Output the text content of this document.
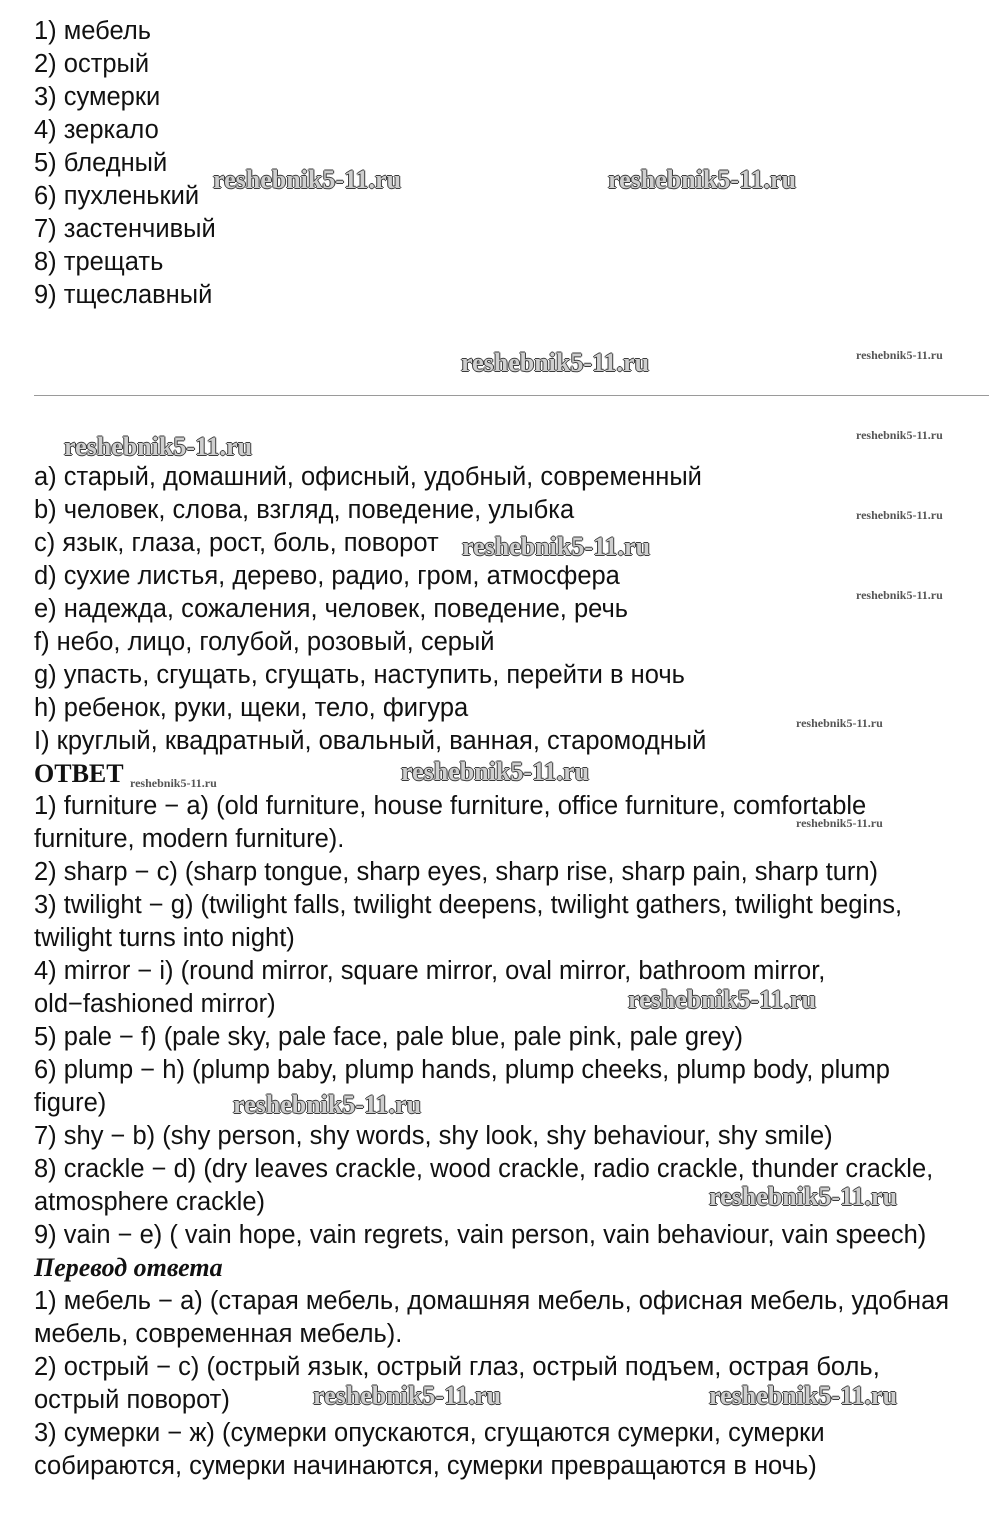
1) мебель
2) острый
3) сумерки
4) зеркало
5) бледный
6) пухленький
7) застенчивый
8) трещать
9) тщеславный
a) старый, домашний, офисный, удобный, современный
b) человек, слова, взгляд, поведение, улыбка
c) язык, глаза, рост, боль, поворот
d) сухие листья, дерево, радио, гром, атмосфера
e) надежда, сожаления, человек, поведение, речь
f) небо, лицо, голубой, розовый, серый
g) упасть, сгущать, сгущать, наступить, перейти в ночь
h) ребенок, руки, щеки, тело, фигура
I) круглый, квадратный, овальный, ванная, старомодный
ОТВЕТ
1) furniture − a) (old furniture, house furniture, office furniture, comfortable
furniture, modern furniture).
2) sharp − c) (sharp tongue, sharp eyes, sharp rise, sharp pain, sharp turn)
3) twilight − g) (twilight falls, twilight deepens, twilight gathers, twilight begins,
twilight turns into night)
4) mirror − i) (round mirror, square mirror, oval mirror, bathroom mirror,
old−fashioned mirror)
5) pale − f) (pale sky, pale face, pale blue, pale pink, pale grey)
6) plump − h) (plump baby, plump hands, plump cheeks, plump body, plump
figure)
7) shy − b) (shy person, shy words, shy look, shy behaviour, shy smile)
8) crackle − d) (dry leaves crackle, wood crackle, radio crackle, thunder crackle,
atmosphere crackle)
9) vain − e) ( vain hope, vain regrets, vain person, vain behaviour, vain speech)
Перевод ответа
1) мебель − а) (старая мебель, домашняя мебель, офисная мебель, удобная
мебель, современная мебель).
2) острый − с) (острый язык, острый глаз, острый подъем, острая боль,
острый поворот)
3) сумерки − ж) (сумерки опускаются, сгущаются сумерки, сумерки
собираются, сумерки начинаются, сумерки превращаются в ночь)
reshebnik5-11.ru	reshebnik5-11.ru
reshebnik5-11.ru	reshebnik5-11.ru
reshebnik5-11.ru	reshebnik5-11.ru
reshebnik5-11.ru
reshebnik5-11.ru
reshebnik5-11.ru
reshebnik5-11.ru
reshebnik5-11.ru	reshebnik5-11.ru
reshebnik5-11.ru
reshebnik5-11.ru
reshebnik5-11.ru
reshebnik5-11.ru
reshebnik5-11.ru	reshebnik5-11.ru
